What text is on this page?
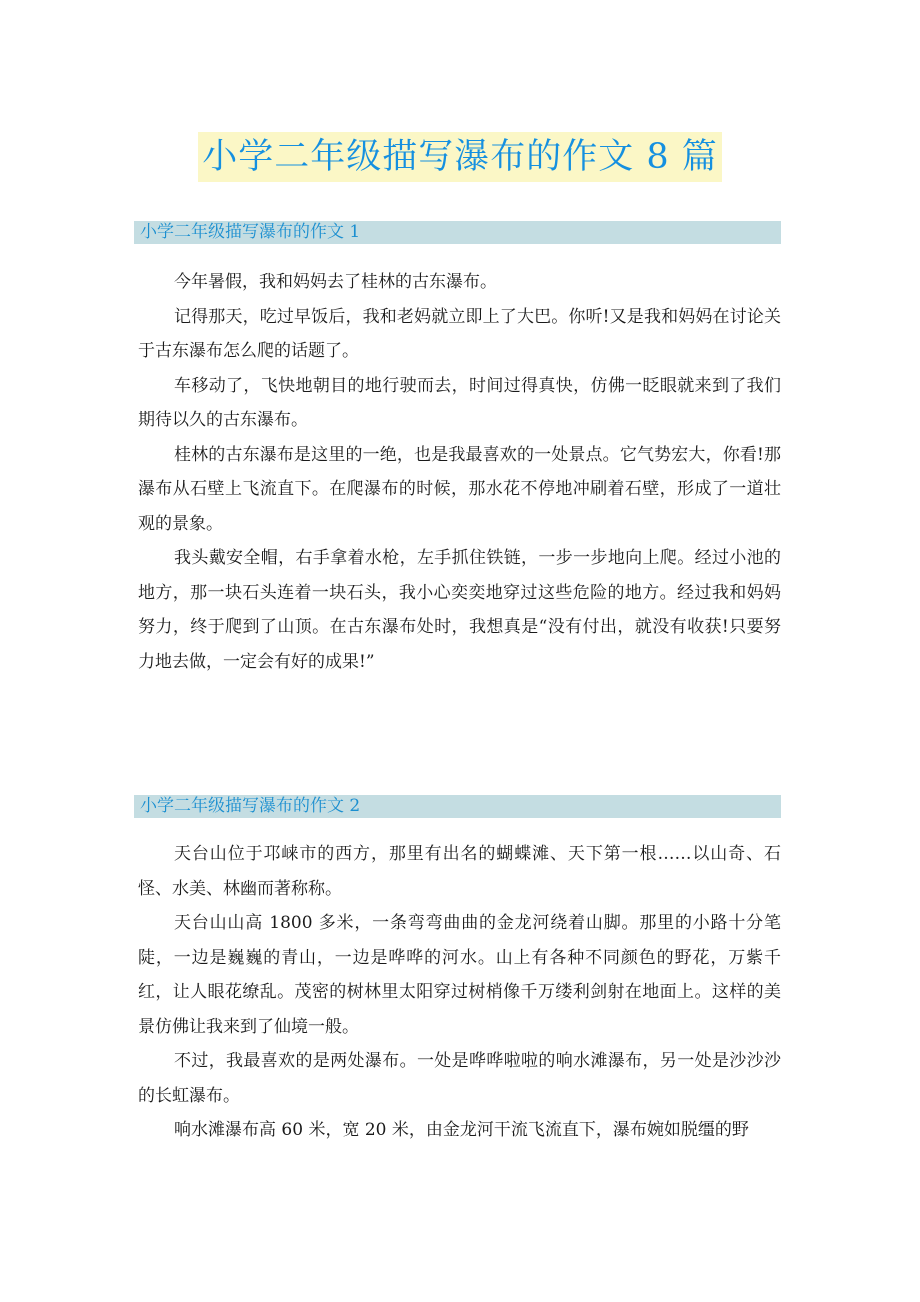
小学二年级描写瀑布的作文 8 篇
小学二年级描写瀑布的作文 1

今年暑假，我和妈妈去了桂林的古东瀑布。

记得那天，吃过早饭后，我和老妈就立即上了大巴。你听!又是我和妈妈在讨论关于古东瀑布怎么爬的话题了。

车移动了，飞快地朝目的地行驶而去，时间过得真快，仿佛一眨眼就来到了我们期待以久的古东瀑布。

桂林的古东瀑布是这里的一绝，也是我最喜欢的一处景点。它气势宏大，你看!那瀑布从石壁上飞流直下。在爬瀑布的时候，那水花不停地冲刷着石壁，形成了一道壮观的景象。

我头戴安全帽，右手拿着水枪，左手抓住铁链，一步一步地向上爬。经过小池的地方，那一块石头连着一块石头，我小心奕奕地穿过这些危险的地方。经过我和妈妈努力，终于爬到了山顶。在古东瀑布处时，我想真是“没有付出，就没有收获!只要努力地去做，一定会有好的成果!”

小学二年级描写瀑布的作文 2

天台山位于邛崃市的西方，那里有出名的蝴蝶滩、天下第一根……以山奇、石怪、水美、林幽而著称称。

天台山山高 1800 多米，一条弯弯曲曲的金龙河绕着山脚。那里的小路十分笔陡，一边是巍巍的青山，一边是哗哗的河水。山上有各种不同颜色的野花，万紫千红，让人眼花缭乱。茂密的树林里太阳穿过树梢像千万缕利剑射在地面上。这样的美景仿佛让我来到了仙境一般。

不过，我最喜欢的是两处瀑布。一处是哗哗啦啦的响水滩瀑布，另一处是沙沙沙的长虹瀑布。

响水滩瀑布高 60 米，宽 20 米，由金龙河干流飞流直下，瀑布婉如脱缰的野
